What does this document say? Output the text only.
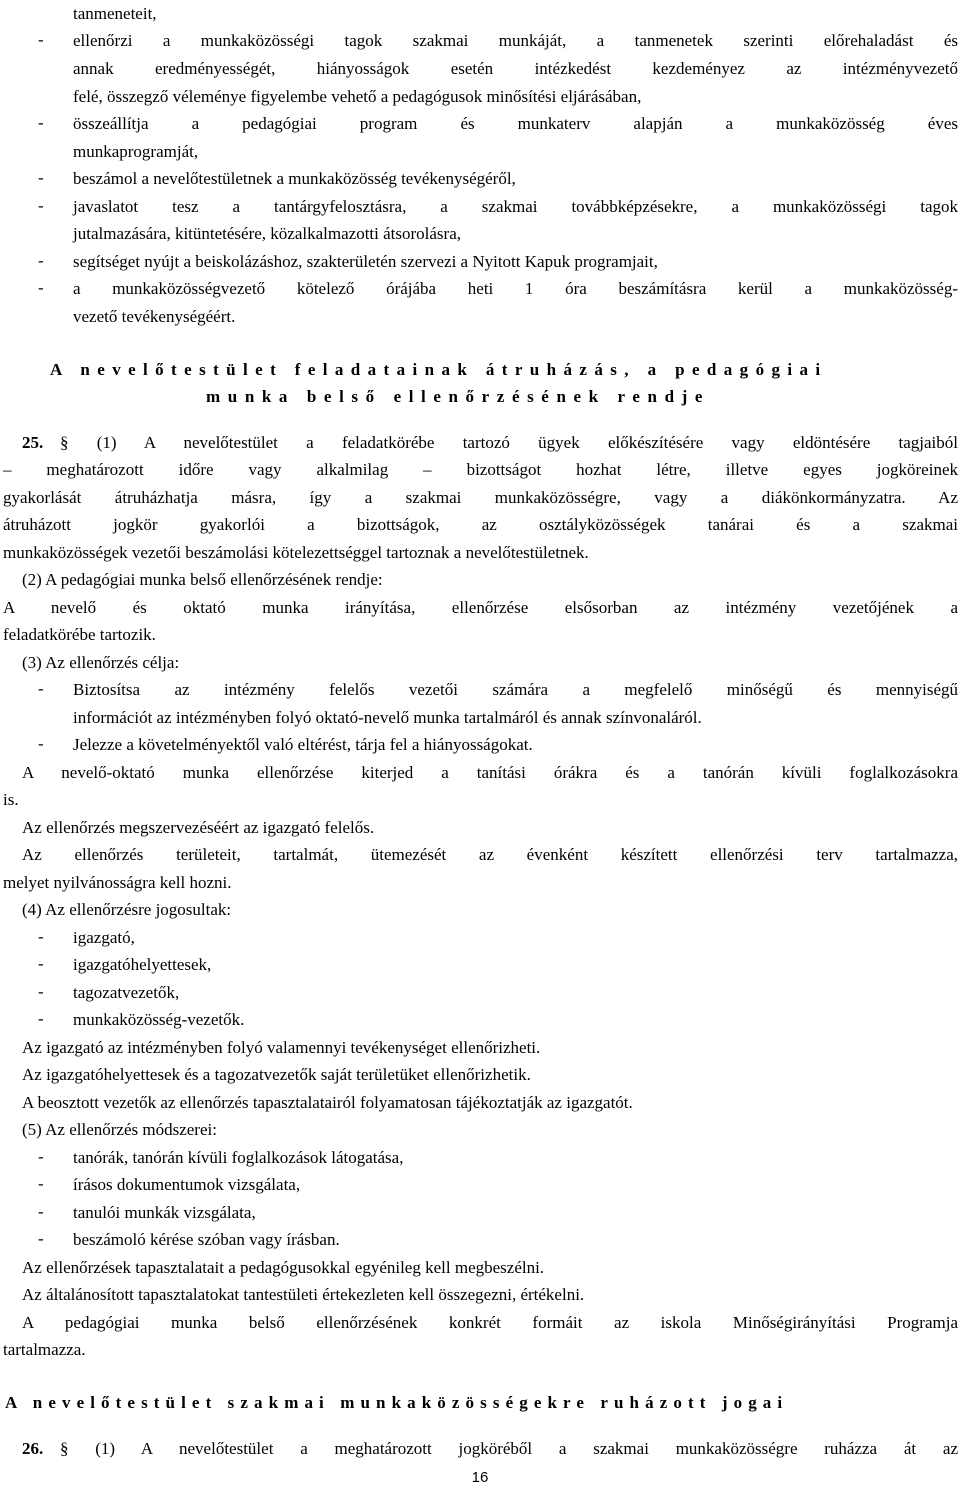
tanmeneteit,
- ellenőrzi a munkaközösségi tagok szakmai munkáját, a tanmenetek szerinti előrehaladást és
annak eredményességét, hiányosságok esetén intézkedést kezdeményez az intézményvezető
felé, összegző véleménye figyelembe vehető a pedagógusok minősítési eljárásában,
- összeállítja a pedagógiai program és munkaterv alapján a munkaközösség éves
munkaprogramját,
- beszámol a nevelőtestületnek a munkaközösség tevékenységéről,
- javaslatot tesz a tantárgyfelosztásra, a szakmai továbbképzésekre, a munkaközösségi tagok
jutalmazására, kitüntetésére, közalkalmazotti átsorolásra,
- segítséget nyújt a beiskolázáshoz, szakterületén szervezi a Nyitott Kapuk programjait,
- a munkaközösségvezető kötelező órájába heti 1 óra beszámításra kerül a munkaközösség-
vezető tevékenységéért.
A nevelőtestület feladatainak átruházás, a pedagógiai
munka belső ellenőrzésének rendje
25. § (1) A nevelőtestület a feladatkörébe tartozó ügyek előkészítésére vagy eldöntésére tagjaiból
– meghatározott időre vagy alkalmilag – bizottságot hozhat létre, illetve egyes jogköreinek
gyakorlását átruházhatja másra, így a szakmai munkaközösségre, vagy a diákönkormányzatra. Az
átruházott jogkör gyakorlói a bizottságok, az osztályközösségek tanárai és a szakmai
munkaközösségek vezetői beszámolási kötelezettséggel tartoznak a nevelőtestületnek.
(2) A pedagógiai munka belső ellenőrzésének rendje:
A nevelő és oktató munka irányítása, ellenőrzése elsősorban az intézmény vezetőjének a
feladatkörébe tartozik.
(3) Az ellenőrzés célja:
- Biztosítsa az intézmény felelős vezetői számára a megfelelő minőségű és mennyiségű
információt az intézményben folyó oktató-nevelő munka tartalmáról és annak színvonaláról.
- Jelezze a követelményektől való eltérést, tárja fel a hiányosságokat.
A nevelő-oktató munka ellenőrzése kiterjed a tanítási órákra és a tanórán kívüli foglalkozásokra
is.
Az ellenőrzés megszervezéséért az igazgató felelős.
Az ellenőrzés területeit, tartalmát, ütemezését az évenként készített ellenőrzési terv tartalmazza,
melyet nyilvánosságra kell hozni.
(4) Az ellenőrzésre jogosultak:
- igazgató,
- igazgatóhelyettesek,
- tagozatvezetők,
- munkaközösség-vezetők.
Az igazgató az intézményben folyó valamennyi tevékenységet ellenőrizheti.
Az igazgatóhelyettesek és a tagozatvezetők saját területüket ellenőrizhetik.
A beosztott vezetők az ellenőrzés tapasztalatairól folyamatosan tájékoztatják az igazgatót.
(5) Az ellenőrzés módszerei:
- tanórák, tanórán kívüli foglalkozások látogatása,
- írásos dokumentumok vizsgálata,
- tanulói munkák vizsgálata,
- beszámoló kérése szóban vagy írásban.
Az ellenőrzések tapasztalatait a pedagógusokkal egyénileg kell megbeszélni.
Az általánosított tapasztalatokat tantestületi értekezleten kell összegezni, értékelni.
A pedagógiai munka belső ellenőrzésének konkrét formáit az iskola Minőségirányítási Programja
tartalmazza.
A nevelőtestület szakmai munkaközösségekre ruházott jogai
26. § (1) A nevelőtestület a meghatározott jogköréből a szakmai munkaközösségre ruházza át az
16
